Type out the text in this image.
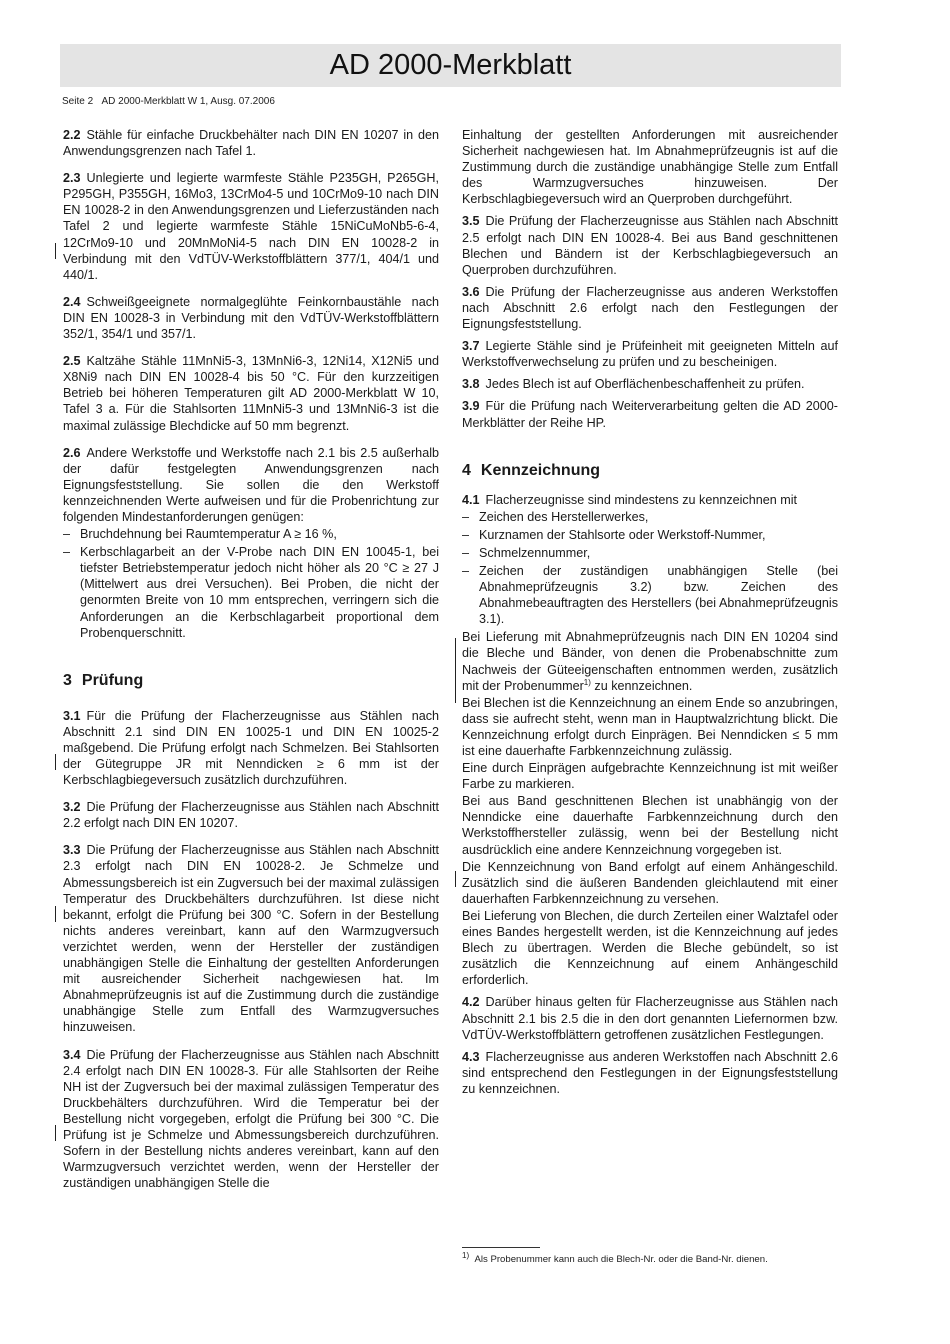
AD 2000-Merkblatt
Seite 2 AD 2000-Merkblatt W 1, Ausg. 07.2006

2.2 Stähle für einfache Druckbehälter nach DIN EN 10207 in den Anwendungsgrenzen nach Tafel 1.

2.3 Unlegierte und legierte warmfeste Stähle P235GH, P265GH, P295GH, P355GH, 16Mo3, 13CrMo4-5 und 10CrMo9-10 nach DIN EN 10028-2 in den Anwendungsgrenzen und Lieferzuständen nach Tafel 2 und legierte warmfeste Stähle 15NiCuMoNb5-6-4, 12CrMo9-10 und 20MnMoNi4-5 nach DIN EN 10028-2 in Verbindung mit den VdTÜV-Werkstoffblättern 377/1, 404/1 und 440/1.

2.4 Schweißgeeignete normalgeglühte Feinkornbaustähle nach DIN EN 10028-3 in Verbindung mit den VdTÜV-Werkstoffblättern 352/1, 354/1 und 357/1.

2.5 Kaltzähe Stähle 11MnNi5-3, 13MnNi6-3, 12Ni14, X12Ni5 und X8Ni9 nach DIN EN 10028-4 bis 50 °C. Für den kurzzeitigen Betrieb bei höheren Temperaturen gilt AD 2000-Merkblatt W 10, Tafel 3 a. Für die Stahlsorten 11MnNi5-3 und 13MnNi6-3 ist die maximal zulässige Blechdicke auf 50 mm begrenzt.

2.6 Andere Werkstoffe und Werkstoffe nach 2.1 bis 2.5 außerhalb der dafür festgelegten Anwendungsgrenzen nach Eignungsfeststellung. Sie sollen die den Werkstoff kennzeichnenden Werte aufweisen und für die Probenrichtung zur folgenden Mindestanforderungen genügen:

– Bruchdehnung bei Raumtemperatur A ≥ 16 %,
– Kerbschlagarbeit an der V-Probe nach DIN EN 10045-1, bei tiefster Betriebstemperatur jedoch nicht höher als 20 °C ≥ 27 J (Mittelwert aus drei Versuchen). Bei Proben, die nicht der genormten Breite von 10 mm entsprechen, verringern sich die Anforderungen an die Kerbschlagarbeit proportional dem Probenquerschnitt.
3 Prüfung

3.1 Für die Prüfung der Flacherzeugnisse aus Stählen nach Abschnitt 2.1 sind DIN EN 10025-1 und DIN EN 10025-2 maßgebend. Die Prüfung erfolgt nach Schmelzen. Bei Stahlsorten der Gütegruppe JR mit Nenndicken ≥ 6 mm ist der Kerbschlagbiegeversuch zusätzlich durchzuführen.

3.2 Die Prüfung der Flacherzeugnisse aus Stählen nach Abschnitt 2.2 erfolgt nach DIN EN 10207.

3.3 Die Prüfung der Flacherzeugnisse aus Stählen nach Abschnitt 2.3 erfolgt nach DIN EN 10028-2. Je Schmelze und Abmessungsbereich ist ein Zugversuch bei der maximal zulässigen Temperatur des Druckbehälters durchzuführen. Ist diese nicht bekannt, erfolgt die Prüfung bei 300 °C. Sofern in der Bestellung nichts anderes vereinbart, kann auf den Warmzugversuch verzichtet werden, wenn der Hersteller der zuständigen unabhängigen Stelle die Einhaltung der gestellten Anforderungen mit ausreichender Sicherheit nachgewiesen hat. Im Abnahmeprüfzeugnis ist auf die Zustimmung durch die zuständige unabhängige Stelle zum Entfall des Warmzugversuches hinzuweisen.

3.4 Die Prüfung der Flacherzeugnisse aus Stählen nach Abschnitt 2.4 erfolgt nach DIN EN 10028-3. Für alle Stahlsorten der Reihe NH ist der Zugversuch bei der maximal zulässigen Temperatur des Druckbehälters durchzuführen. Wird die Temperatur bei der Bestellung nicht vorgegeben, erfolgt die Prüfung bei 300 °C. Die Prüfung ist je Schmelze und Abmessungsbereich durchzuführen. Sofern in der Bestellung nichts anderes vereinbart, kann auf den Warmzugversuch verzichtet werden, wenn der Hersteller der zuständigen unabhängigen Stelle die

Einhaltung der gestellten Anforderungen mit ausreichender Sicherheit nachgewiesen hat. Im Abnahmeprüfzeugnis ist auf die Zustimmung durch die zuständige unabhängige Stelle zum Entfall des Warmzugversuches hinzuweisen. Der Kerbschlagbiegeversuch wird an Querproben durchgeführt.

3.5 Die Prüfung der Flacherzeugnisse aus Stählen nach Abschnitt 2.5 erfolgt nach DIN EN 10028-4. Bei aus Band geschnittenen Blechen und Bändern ist der Kerbschlagbiegeversuch an Querproben durchzuführen.

3.6 Die Prüfung der Flacherzeugnisse aus anderen Werkstoffen nach Abschnitt 2.6 erfolgt nach den Festlegungen der Eignungsfeststellung.

3.7 Legierte Stähle sind je Prüfeinheit mit geeigneten Mitteln auf Werkstoffverwechselung zu prüfen und zu bescheinigen.

3.8 Jedes Blech ist auf Oberflächenbeschaffenheit zu prüfen.

3.9 Für die Prüfung nach Weiterverarbeitung gelten die AD 2000-Merkblätter der Reihe HP.

4 Kennzeichnung

4.1 Flacherzeugnisse sind mindestens zu kennzeichnen mit

– Zeichen des Herstellerwerkes,
– Kurznamen der Stahlsorte oder Werkstoff-Nummer,
– Schmelzennummer,
– Zeichen der zuständigen unabhängigen Stelle (bei Abnahmeprüfzeugnis 3.2) bzw. Zeichen des Abnahmebeauftragten des Herstellers (bei Abnahmeprüfzeugnis 3.1).

Bei Lieferung mit Abnahmeprüfzeugnis nach DIN EN 10204 sind die Bleche und Bänder, von denen die Probenabschnitte zum Nachweis der Güteeigenschaften entnommen werden, zusätzlich mit der Probenummer$^{1)}$ zu kennzeichnen.

Bei Blechen ist die Kennzeichnung an einem Ende so anzubringen, dass sie aufrecht steht, wenn man in Hauptwalzrichtung blickt. Die Kennzeichnung erfolgt durch Einprägen. Bei Nenndicken ≤ 5 mm ist eine dauerhafte Farbkennzeichnung zulässig.

Eine durch Einprägen aufgebrachte Kennzeichnung ist mit weißer Farbe zu markieren.

Bei aus Band geschnittenen Blechen ist unabhängig von der Nenndicke eine dauerhafte Farbkennzeichnung durch den Werkstoffhersteller zulässig, wenn bei der Bestellung nicht ausdrücklich eine andere Kennzeichnung vorgegeben ist.

Die Kennzeichnung von Band erfolgt auf einem Anhängeschild. Zusätzlich sind die äußeren Bandenden gleichlautend mit einer dauerhaften Farbkennzeichnung zu versehen.

Bei Lieferung von Blechen, die durch Zerteilen einer Walztafel oder eines Bandes hergestellt werden, ist die Kennzeichnung auf jedes Blech zu übertragen. Werden die Bleche gebündelt, so ist zusätzlich die Kennzeichnung auf einem Anhängeschild erforderlich.

4.2 Darüber hinaus gelten für Flacherzeugnisse aus Stählen nach Abschnitt 2.1 bis 2.5 die in den dort genannten Liefernormen bzw. VdTÜV-Werkstoffblättern getroffenen zusätzlichen Festlegungen.

4.3 Flacherzeugnisse aus anderen Werkstoffen nach Abschnitt 2.6 sind entsprechend den Festlegungen in der Eignungsfeststellung zu kennzeichnen.

$^{1)}$ Als Probenummer kann auch die Blech-Nr. oder die Band-Nr. dienen.
